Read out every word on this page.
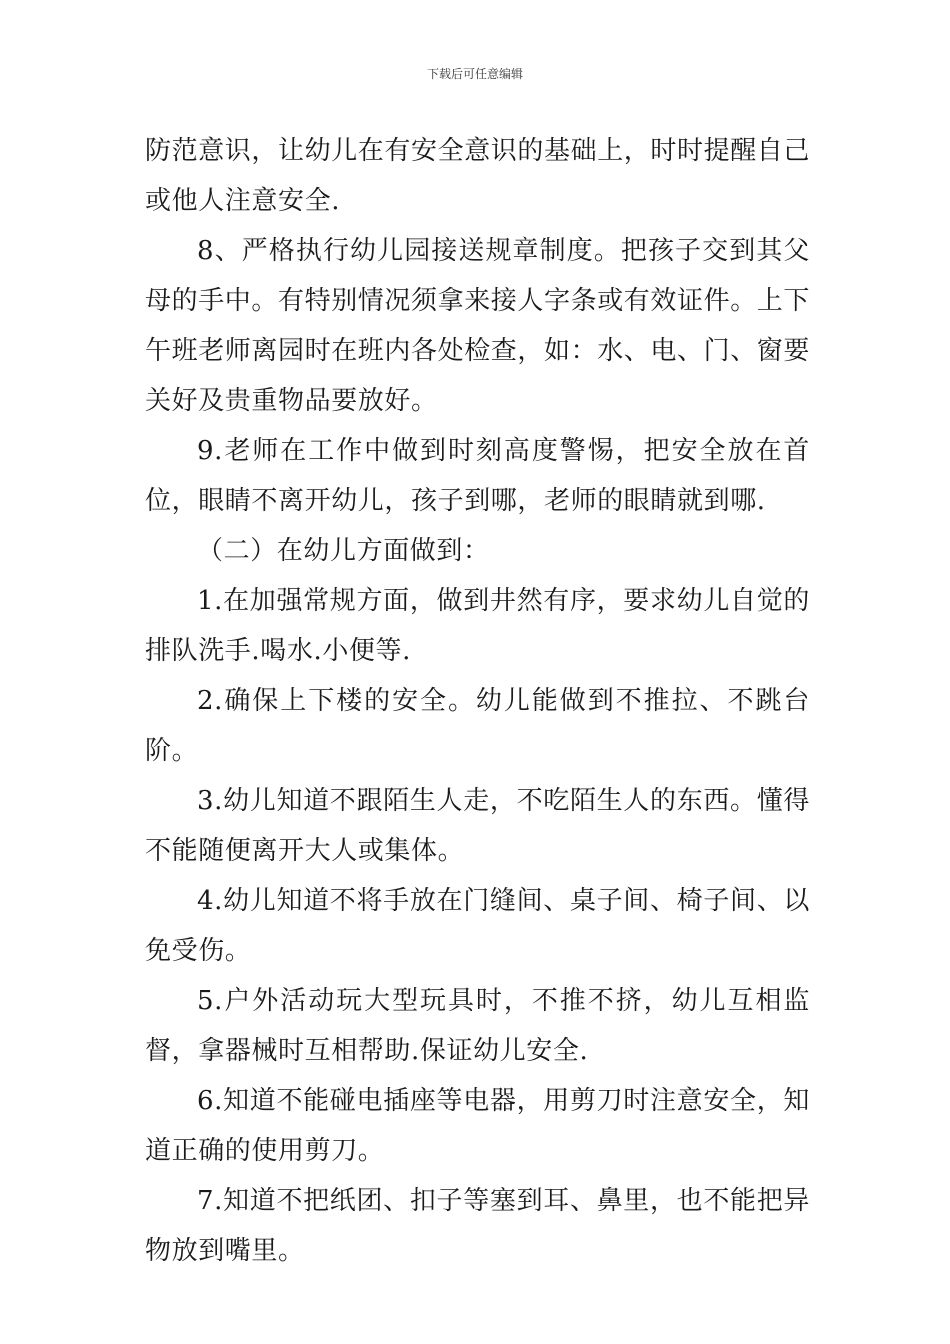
下载后可任意编辑

防范意识，让幼儿在有安全意识的基础上，时时提醒自己或他人注意安全.

8、严格执行幼儿园接送规章制度。把孩子交到其父母的手中。有特别情况须拿来接人字条或有效证件。上下午班老师离园时在班内各处检查，如：水、电、门、窗要关好及贵重物品要放好。

9.老师在工作中做到时刻高度警惕，把安全放在首位，眼睛不离开幼儿，孩子到哪，老师的眼睛就到哪.

（二）在幼儿方面做到：

1.在加强常规方面，做到井然有序，要求幼儿自觉的排队洗手.喝水.小便等.

2.确保上下楼的安全。幼儿能做到不推拉、不跳台阶。

3.幼儿知道不跟陌生人走，不吃陌生人的东西。懂得不能随便离开大人或集体。

4.幼儿知道不将手放在门缝间、桌子间、椅子间、以免受伤。

5.户外活动玩大型玩具时，不推不挤，幼儿互相监督，拿器械时互相帮助.保证幼儿安全.

6.知道不能碰电插座等电器，用剪刀时注意安全，知道正确的使用剪刀。

7.知道不把纸团、扣子等塞到耳、鼻里，也不能把异物放到嘴里。
